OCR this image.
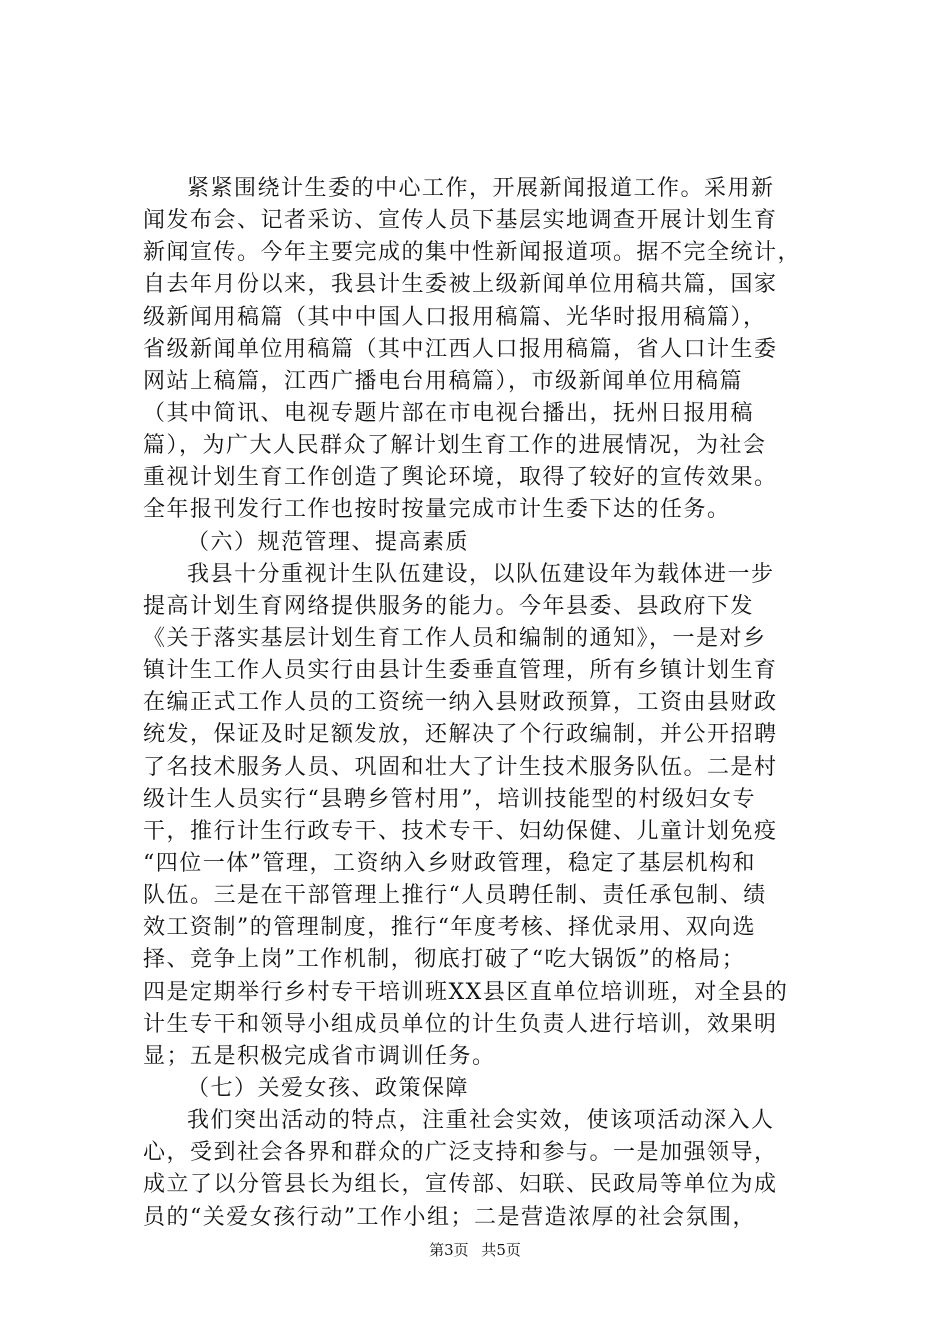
紧紧围绕计生委的中心工作，开展新闻报道工作。采用新
闻发布会、记者采访、宣传人员下基层实地调查开展计划生育
新闻宣传。今年主要完成的集中性新闻报道项。据不完全统计，
自去年月份以来，我县计生委被上级新闻单位用稿共篇，国家
级新闻用稿篇（其中中国人口报用稿篇、光华时报用稿篇），
省级新闻单位用稿篇（其中江西人口报用稿篇，省人口计生委
网站上稿篇，江西广播电台用稿篇），市级新闻单位用稿篇
（其中简讯、电视专题片部在市电视台播出，抚州日报用稿
篇），为广大人民群众了解计划生育工作的进展情况，为社会
重视计划生育工作创造了舆论环境，取得了较好的宣传效果。
全年报刊发行工作也按时按量完成市计生委下达的任务。
（六）规范管理、提高素质
我县十分重视计生队伍建设，以队伍建设年为载体进一步
提高计划生育网络提供服务的能力。今年县委、县政府下发
《关于落实基层计划生育工作人员和编制的通知》，一是对乡
镇计生工作人员实行由县计生委垂直管理，所有乡镇计划生育
在编正式工作人员的工资统一纳入县财政预算，工资由县财政
统发，保证及时足额发放，还解决了个行政编制，并公开招聘
了名技术服务人员、巩固和壮大了计生技术服务队伍。二是村
级计生人员实行“县聘乡管村用”，培训技能型的村级妇女专
干，推行计生行政专干、技术专干、妇幼保健、儿童计划免疫
“四位一体”管理，工资纳入乡财政管理，稳定了基层机构和
队伍。三是在干部管理上推行“人员聘任制、责任承包制、绩
效工资制”的管理制度，推行“年度考核、择优录用、双向选
择、竞争上岗”工作机制，彻底打破了“吃大锅饭”的格局；
四是定期举行乡村专干培训班XX县区直单位培训班，对全县的
计生专干和领导小组成员单位的计生负责人进行培训，效果明
显；五是积极完成省市调训任务。
（七）关爱女孩、政策保障
我们突出活动的特点，注重社会实效，使该项活动深入人
心，受到社会各界和群众的广泛支持和参与。一是加强领导，
成立了以分管县长为组长，宣传部、妇联、民政局等单位为成
员的“关爱女孩行动”工作小组；二是营造浓厚的社会氛围，
第3页 共5页
